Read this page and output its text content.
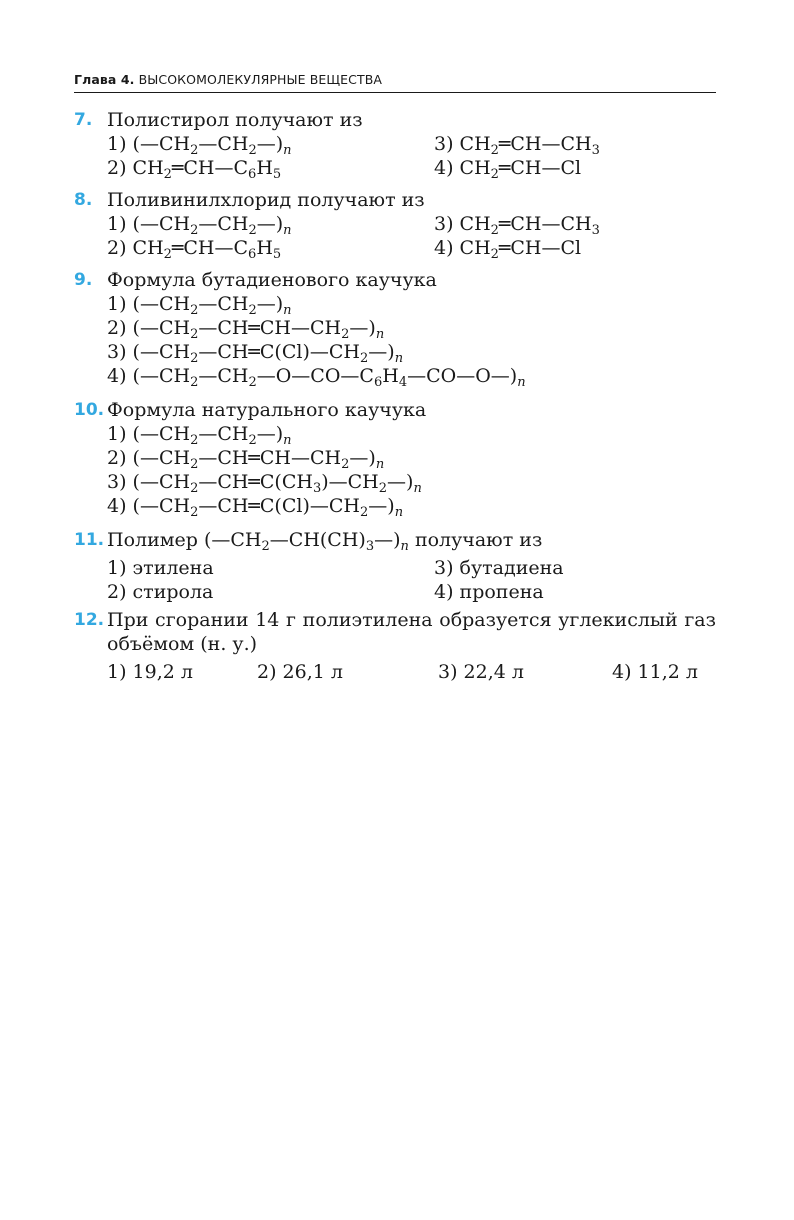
Глава 4. ВЫСОКОМОЛЕКУЛЯРНЫЕ ВЕЩЕСТВА
7. Полистирол получают из
1) $(—CH_2—CH_2—)_n$	3) $CH_2═CH—CH_3$
2) $CH_2═CH—C_6H_5$	4) $CH_2═CH—Cl$
8. Поливинилхлорид получают из
1) $(—CH_2—CH_2—)_n$	3) $CH_2═CH—CH_3$
2) $CH_2═CH—C_6H_5$	4) $CH_2═CH—Cl$
9. Формула бутадиенового каучука
1) $(—CH_2—CH_2—)_n$
2) $(—CH_2—CH═CH—CH_2—)_n$
3) $(—CH_2—CH═C(Cl)—CH_2—)_n$
4) $(—CH_2—CH_2—O—CO—C_6H_4—CO—O—)_n$
10. Формула натурального каучука
1) $(—CH_2—CH_2—)_n$
2) $(—CH_2—CH═CH—CH_2—)_n$
3) $(—CH_2—CH═C(CH_3)—CH_2—)_n$
4) $(—CH_2—CH═C(Cl)—CH_2—)_n$
11. Полимер $(—CH_2—CH(CH)_3—)_n$ получают из
1) этилена	3) бутадиена
2) стирола	4) пропена
12. При сгорании 14 г полиэтилена образуется углекислый газ объёмом (н. у.)
1) 19,2 л	2) 26,1 л	3) 22,4 л	4) 11,2 л
